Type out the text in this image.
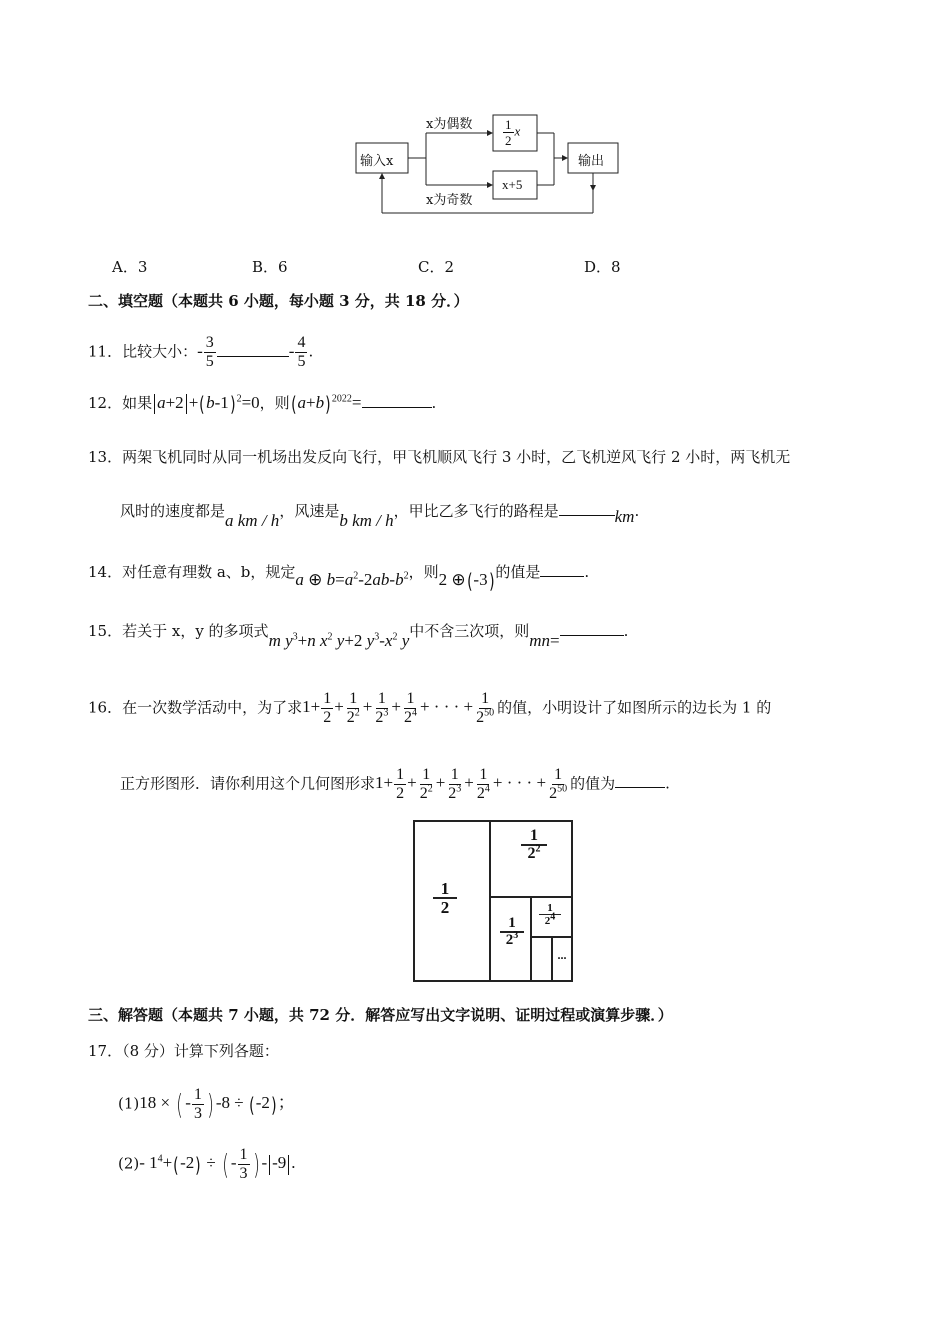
输入x
x为偶数
x为奇数
$\frac{1}{2}$ x
x+5
输出
A．3	B．6	C．2	D．8
二、填空题（本题共 6 小题，每小题 3 分，共 18 分．）
11．比较大小：- $\frac{3}{5}$	- $\frac{4}{5}$ .
12．如果 $a+2 +(b-1)^2=0$，则$(a+b)^{2022}=$	.
13．两架飞机同时从同一机场出发反向飞行，甲飞机顺风飞行 3 小时，乙飞机逆风飞行 2 小时，两飞机无
风时的速度都是a km / h，风速是b km / h，甲比乙多飞行的路程是	km.
14．对任意有理数 a、b，规定a ⊕ $b=a^2-2ab-b^2$，则2 ⊕(-3)的值是	.
15．若关于 x，y 的多项式m $y^3+n$ $x^2$ y+2 $y^3-x^2$ y中不含三次项，则mn=	.
16．在一次数学活动中，为了求$1+ \frac{1}{2} + \frac{1}{2^2} + \frac{1}{2^3} + \frac{1}{2^4}$ + · · · + $\frac{1}{2^{50}}$ 的值，小明设计了如图所示的边长为 1 的
正方形图形．请你利用这个几何图形求$1+ \frac{1}{2} + \frac{1}{2^2} + \frac{1}{2^3} + \frac{1}{2^4}$ + · · · + $\frac{1}{2^{50}}$ 的值为	.
1
2
1
$2^2$
1
$2^3$
1
$2^4$
...
三、解答题（本题共 7 小题，共 72 分．解答应写出文字说明、证明过程或演算步骤．）
17．（8 分）计算下列各题：
(1)18 × ( - $\frac{1}{3}$ ) -8 ÷ (-2)；
(2)- $1^4+(-2)$ ÷ ( - $\frac{1}{3}$ ) - -9 .
